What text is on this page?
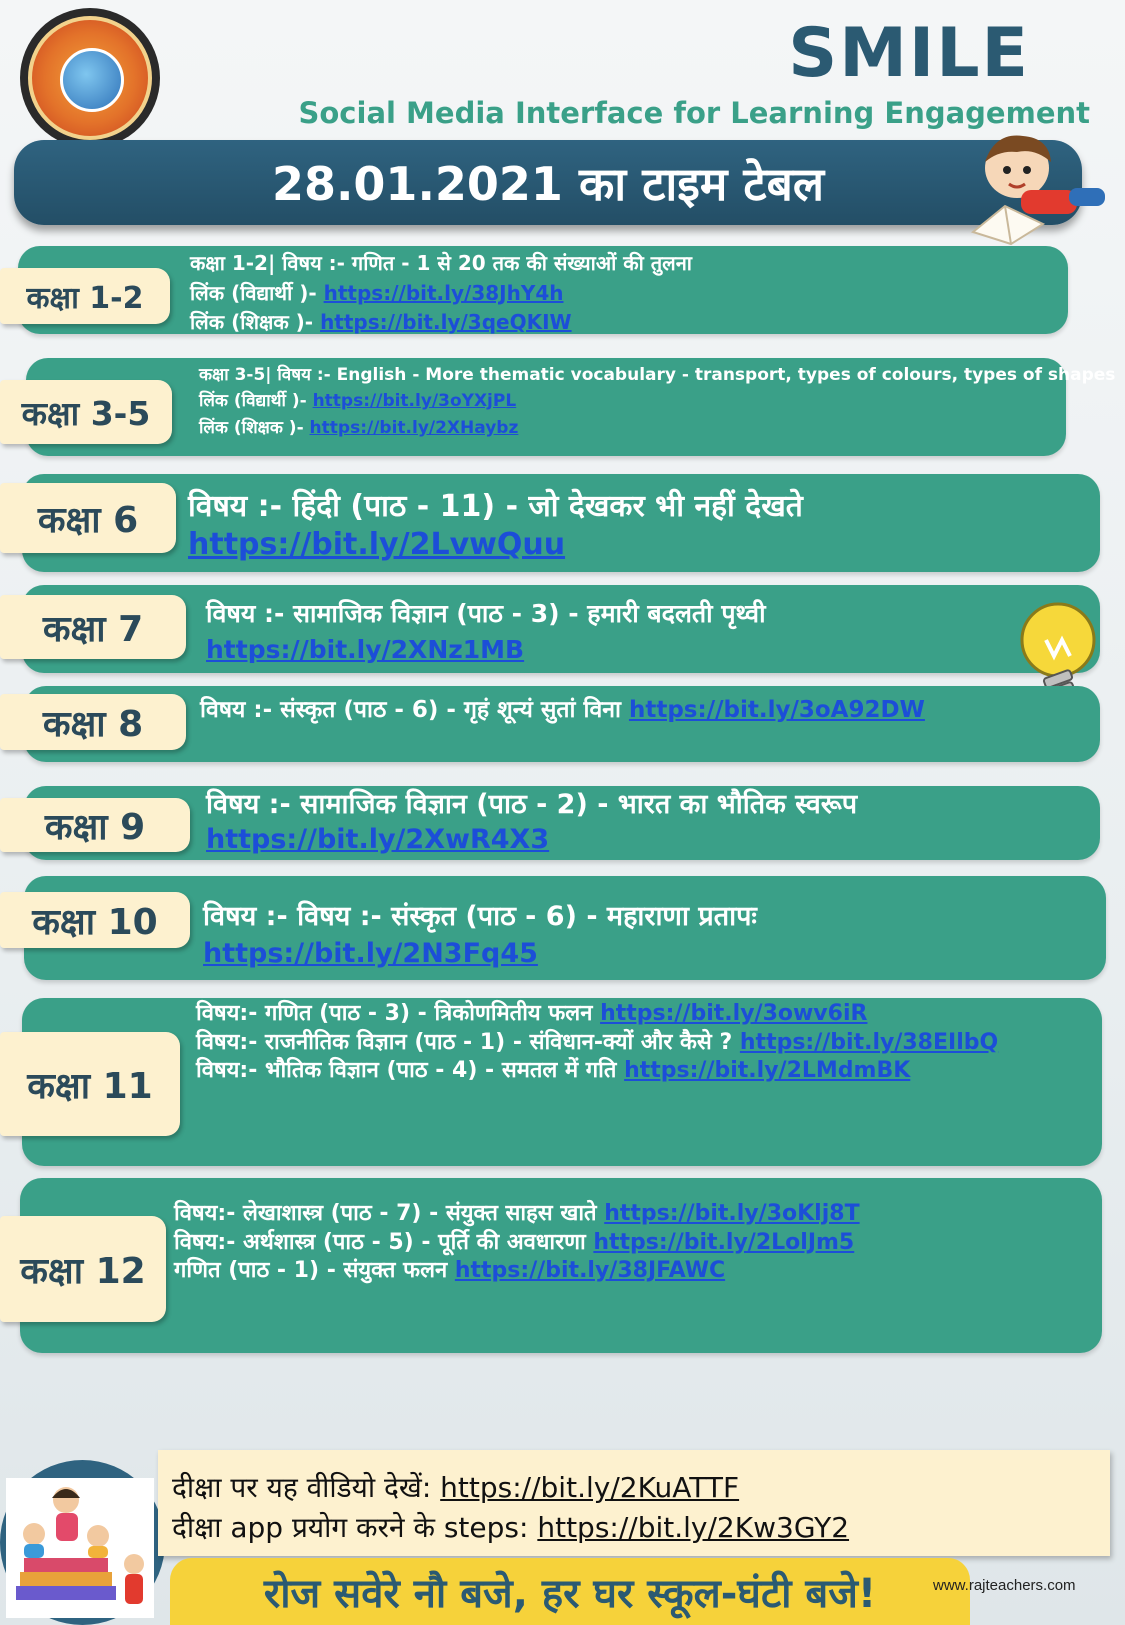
SMILE
Social Media Interface for Learning Engagement
28.01.2021 का टाइम टेबल
कक्षा 1-2
कक्षा 1-2| विषय :- गणित - 1 से 20 तक की संख्याओं की तुलना
लिंक (विद्यार्थी )- https://bit.ly/38JhY4h
लिंक (शिक्षक )- https://bit.ly/3qeQKIW
कक्षा 3-5
कक्षा 3-5| विषय :- English - More thematic vocabulary - transport, types of colours, types of shapes
लिंक (विद्यार्थी )- https://bit.ly/3oYXjPL
लिंक (शिक्षक )- https://bit.ly/2XHaybz
कक्षा 6	विषय :- हिंदी (पाठ - 11) - जो देखकर भी नहीं देखते
https://bit.ly/2LvwQuu
कक्षा 7	विषय :- सामाजिक विज्ञान (पाठ - 3) - हमारी बदलती पृथ्वी
https://bit.ly/2XNz1MB
कक्षा 8	विषय :- संस्कृत (पाठ - 6) - गृहं शून्यं सुतां विना https://bit.ly/3oA92DW
कक्षा 9
विषय :- सामाजिक विज्ञान (पाठ - 2) - भारत का भौतिक स्वरूप
https://bit.ly/2XwR4X3
कक्षा 10	विषय :- विषय :- संस्कृत (पाठ - 6) - महाराणा प्रतापः
https://bit.ly/2N3Fq45
कक्षा 11
विषय:- गणित (पाठ - 3) - त्रिकोणमितीय फलन https://bit.ly/3owv6iR
विषय:- राजनीतिक विज्ञान (पाठ - 1) - संविधान-क्यों और कैसे ? https://bit.ly/38EIlbQ
विषय:- भौतिक विज्ञान (पाठ - 4) - समतल में गति https://bit.ly/2LMdmBK
कक्षा 12
विषय:- लेखाशास्त्र (पाठ - 7) - संयुक्त साहस खाते https://bit.ly/3oKlj8T
विषय:- अर्थशास्त्र (पाठ - 5) - पूर्ति की अवधारणा https://bit.ly/2LolJm5
गणित (पाठ - 1) - संयुक्त फलन https://bit.ly/38JFAWC
दीक्षा पर यह वीडियो देखें: https://bit.ly/2KuATTF
दीक्षा app प्रयोग करने के steps: https://bit.ly/2Kw3GY2
रोज सवेरे नौ बजे, हर घर स्कूल-घंटी बजे!	www.rajteachers.com
